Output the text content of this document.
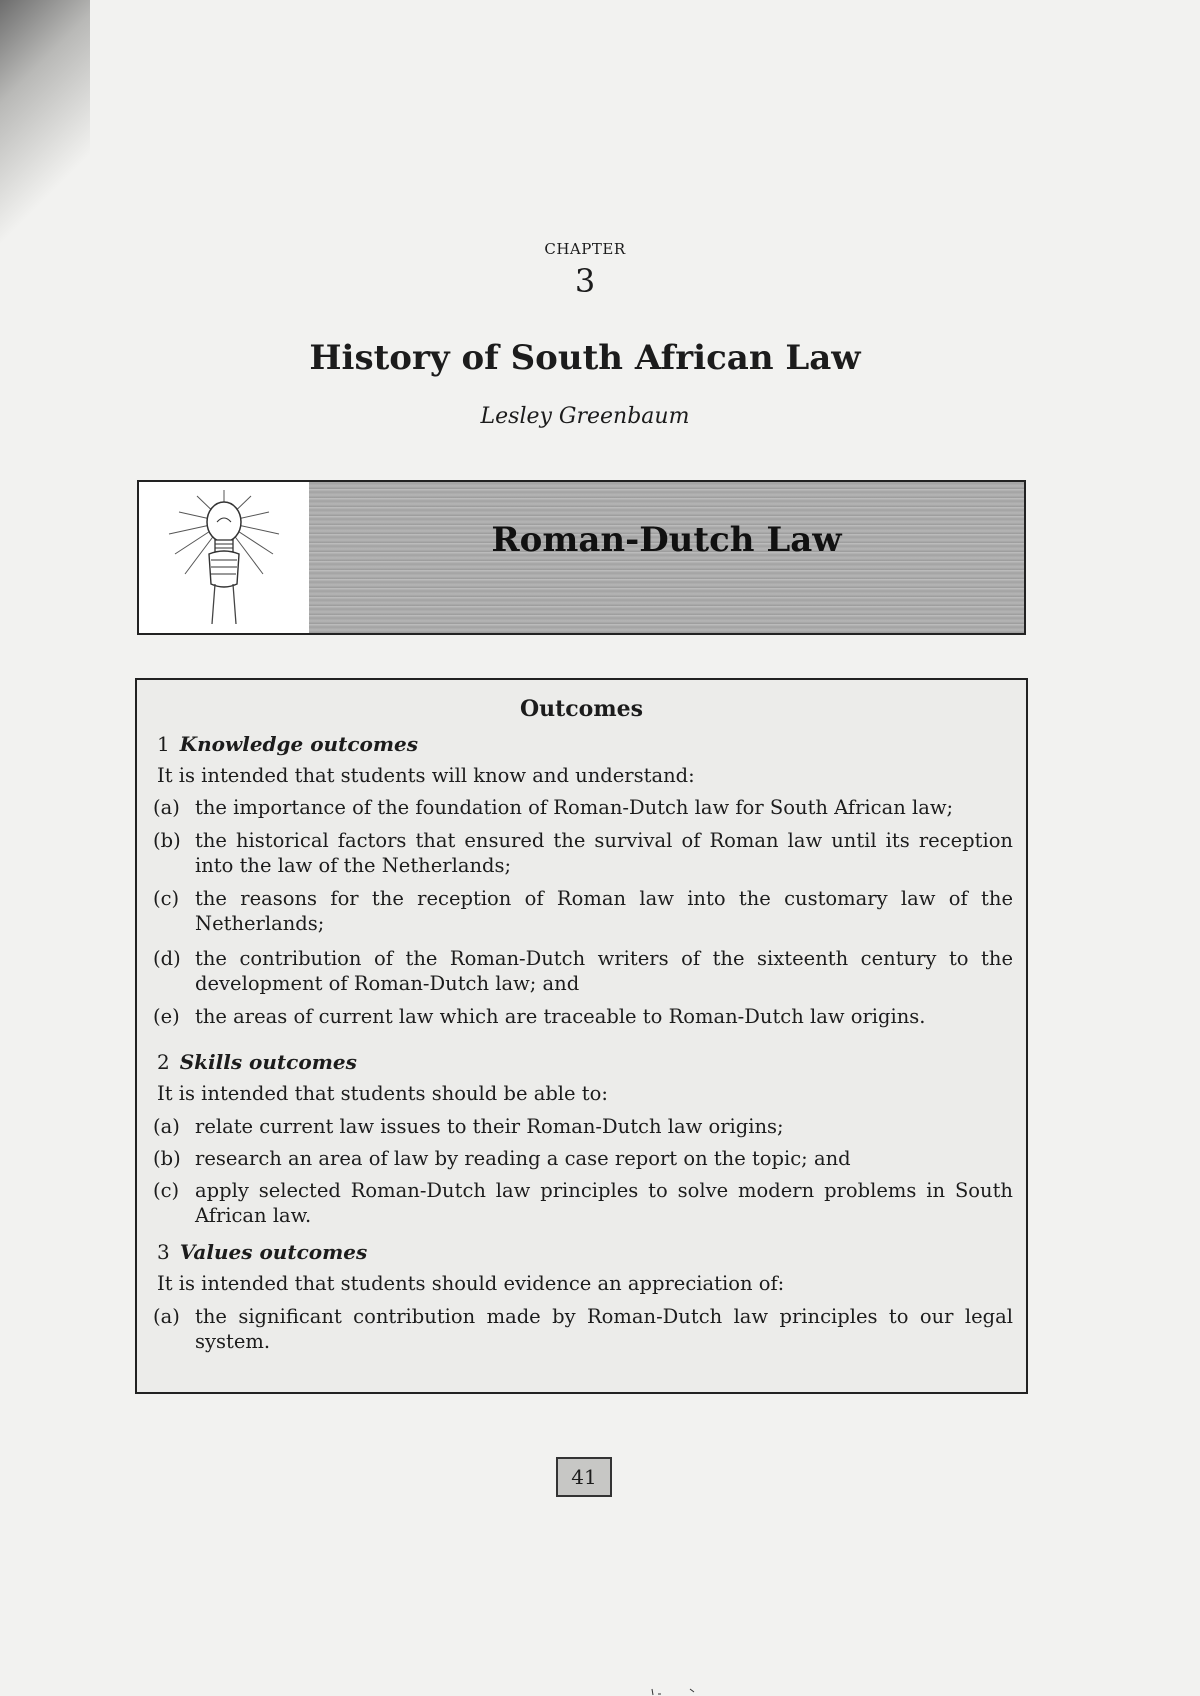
CHAPTER
3
History of South African Law
Lesley Greenbaum
Roman-Dutch Law
Outcomes
1 Knowledge outcomes
It is intended that students will know and understand:
(a) the importance of the foundation of Roman-Dutch law for South African law;
(b) the historical factors that ensured the survival of Roman law until its reception into the law of the Netherlands;
(c) the reasons for the reception of Roman law into the customary law of the Netherlands;
(d) the contribution of the Roman-Dutch writers of the sixteenth century to the development of Roman-Dutch law; and
(e) the areas of current law which are traceable to Roman-Dutch law origins.
2 Skills outcomes
It is intended that students should be able to:
(a) relate current law issues to their Roman-Dutch law origins;
(b) research an area of law by reading a case report on the topic; and
(c) apply selected Roman-Dutch law principles to solve modern problems in South African law.
3 Values outcomes
It is intended that students should evidence an appreciation of:
(a) the significant contribution made by Roman-Dutch law principles to our legal system.
41
